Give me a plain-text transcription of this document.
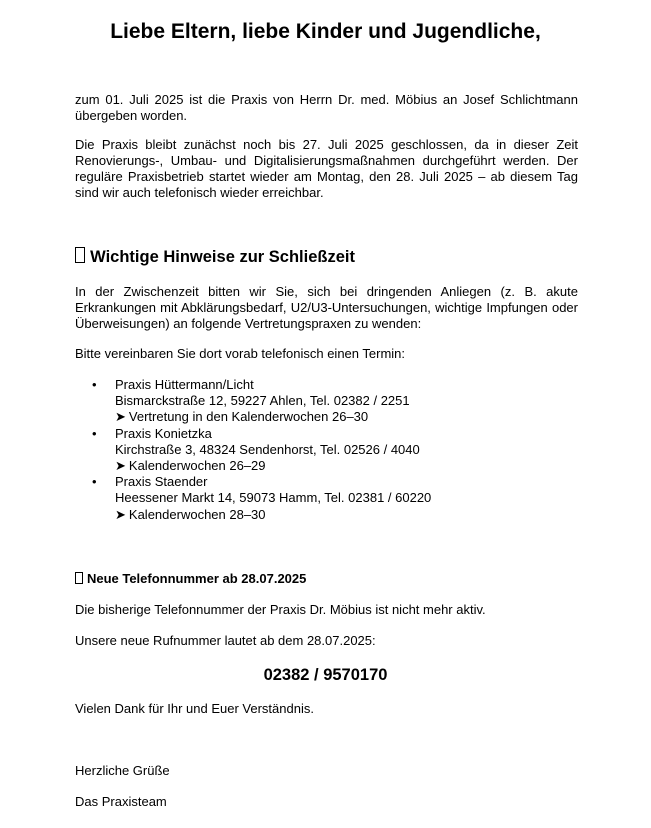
Liebe Eltern, liebe Kinder und Jugendliche,

zum 01. Juli 2025 ist die Praxis von Herrn Dr. med. Möbius an Josef Schlichtmann übergeben worden.

Die Praxis bleibt zunächst noch bis 27. Juli 2025 geschlossen, da in dieser Zeit Renovierungs-, Umbau- und Digitalisierungsmaßnahmen durchgeführt werden. Der reguläre Praxisbetrieb startet wieder am Montag, den 28. Juli 2025 – ab diesem Tag sind wir auch telefonisch wieder erreichbar.

Wichtige Hinweise zur Schließzeit

In der Zwischenzeit bitten wir Sie, sich bei dringenden Anliegen (z. B. akute Erkrankungen mit Abklärungsbedarf, U2/U3-Untersuchungen, wichtige Impfungen oder Überweisungen) an folgende Vertretungspraxen zu wenden:

Bitte vereinbaren Sie dort vorab telefonisch einen Termin:

• Praxis Hüttermann/Licht
Bismarckstraße 12, 59227 Ahlen, Tel. 02382 / 2251
➤ Vertretung in den Kalenderwochen 26–30
• Praxis Konietzka
Kirchstraße 3, 48324 Sendenhorst, Tel. 02526 / 4040
➤ Kalenderwochen 26–29
• Praxis Staender
Heessener Markt 14, 59073 Hamm, Tel. 02381 / 60220
➤ Kalenderwochen 28–30
Neue Telefonnummer ab 28.07.2025

Die bisherige Telefonnummer der Praxis Dr. Möbius ist nicht mehr aktiv.

Unsere neue Rufnummer lautet ab dem 28.07.2025:

02382 / 9570170

Vielen Dank für Ihr und Euer Verständnis.

Herzliche Grüße

Das Praxisteam
